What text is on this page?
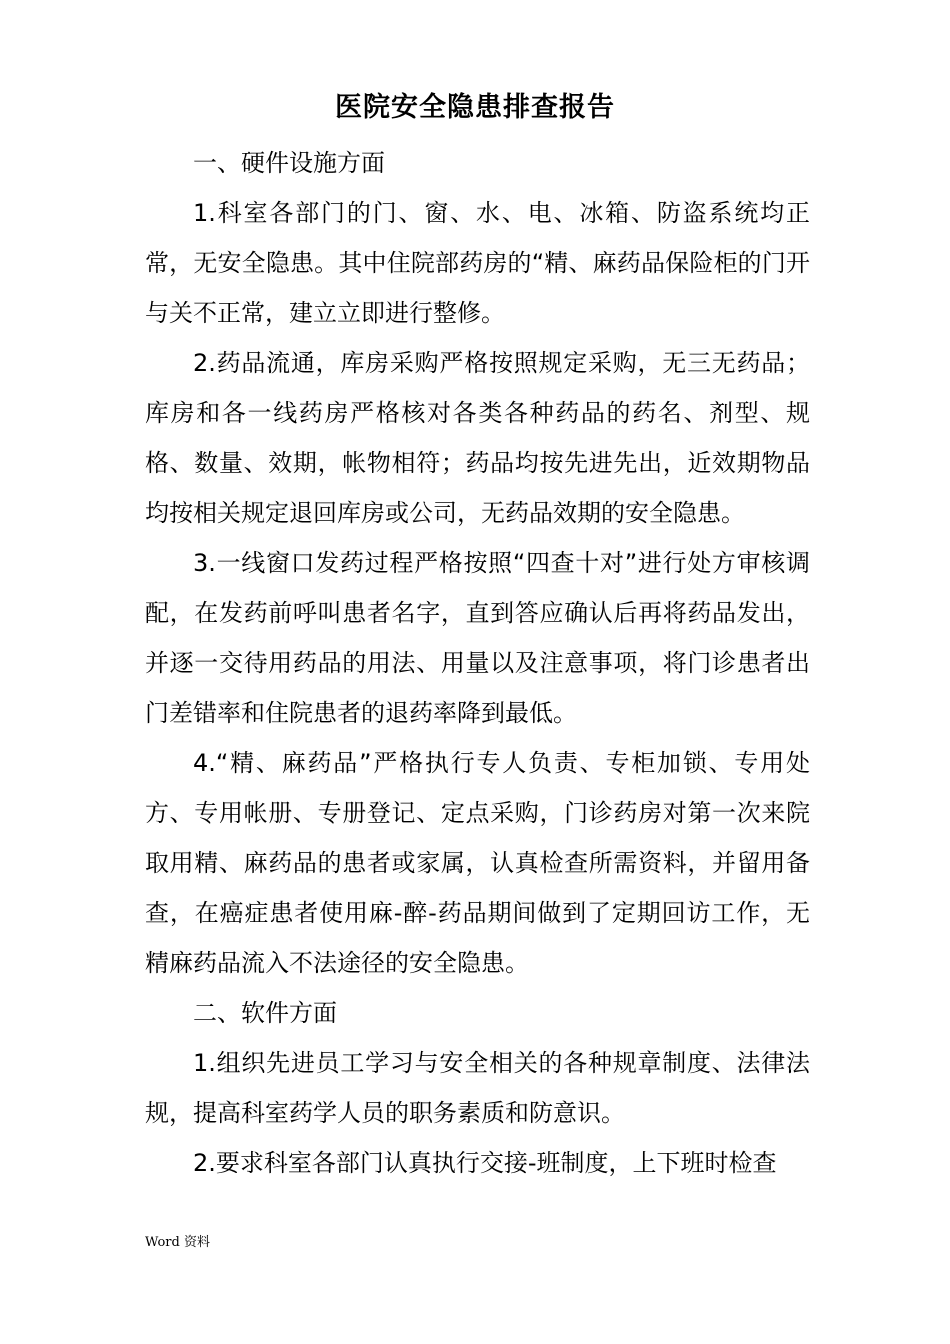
医院安全隐患排查报告

一、硬件设施方面

1.科室各部门的门、窗、水、电、冰箱、防盗系统均正常，无安全隐患。其中住院部药房的“精、麻药品保险柜的门开与关不正常，建立立即进行整修。

2.药品流通，库房采购严格按照规定采购，无三无药品；库房和各一线药房严格核对各类各种药品的药名、剂型、规格、数量、效期，帐物相符；药品均按先进先出，近效期物品均按相关规定退回库房或公司，无药品效期的安全隐患。

3.一线窗口发药过程严格按照“四查十对”进行处方审核调配，在发药前呼叫患者名字，直到答应确认后再将药品发出，并逐一交待用药品的用法、用量以及注意事项，将门诊患者出门差错率和住院患者的退药率降到最低。

4.“精、麻药品”严格执行专人负责、专柜加锁、专用处方、专用帐册、专册登记、定点采购，门诊药房对第一次来院取用精、麻药品的患者或家属，认真检查所需资料，并留用备查，在癌症患者使用麻-醉-药品期间做到了定期回访工作，无精麻药品流入不法途径的安全隐患。

二、软件方面

1.组织先进员工学习与安全相关的各种规章制度、法律法规，提高科室药学人员的职务素质和防意识。

2.要求科室各部门认真执行交接-班制度，上下班时检查

Word 资料
